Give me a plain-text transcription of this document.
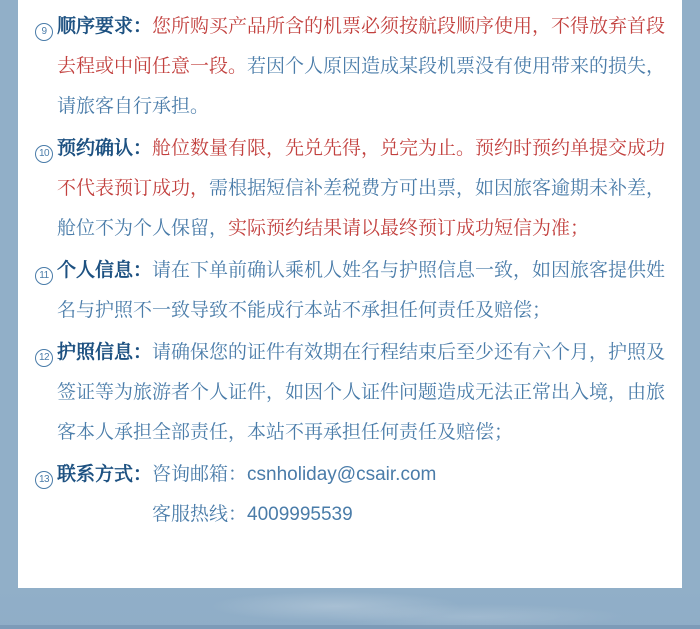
9 顺序要求：您所购买产品所含的机票必须按航段顺序使用，不得放弃首段去程或中间任意一段。若因个人原因造成某段机票没有使用带来的损失，请旅客自行承担。
10 预约确认：舱位数量有限，先兑先得，兑完为止。预约时预约单提交成功不代表预订成功，需根据短信补差税费方可出票，如因旅客逾期未补差，舱位不为个人保留，实际预约结果请以最终预订成功短信为准；
11 个人信息：请在下单前确认乘机人姓名与护照信息一致，如因旅客提供姓名与护照不一致导致不能成行本站不承担任何责任及赔偿；
12 护照信息：请确保您的证件有效期在行程结束后至少还有六个月，护照及签证等为旅游者个人证件，如因个人证件问题造成无法正常出入境，由旅客本人承担全部责任，本站不再承担任何责任及赔偿；
13 联系方式：咨询邮箱：csnholiday@csair.com
客服热线：4009995539
